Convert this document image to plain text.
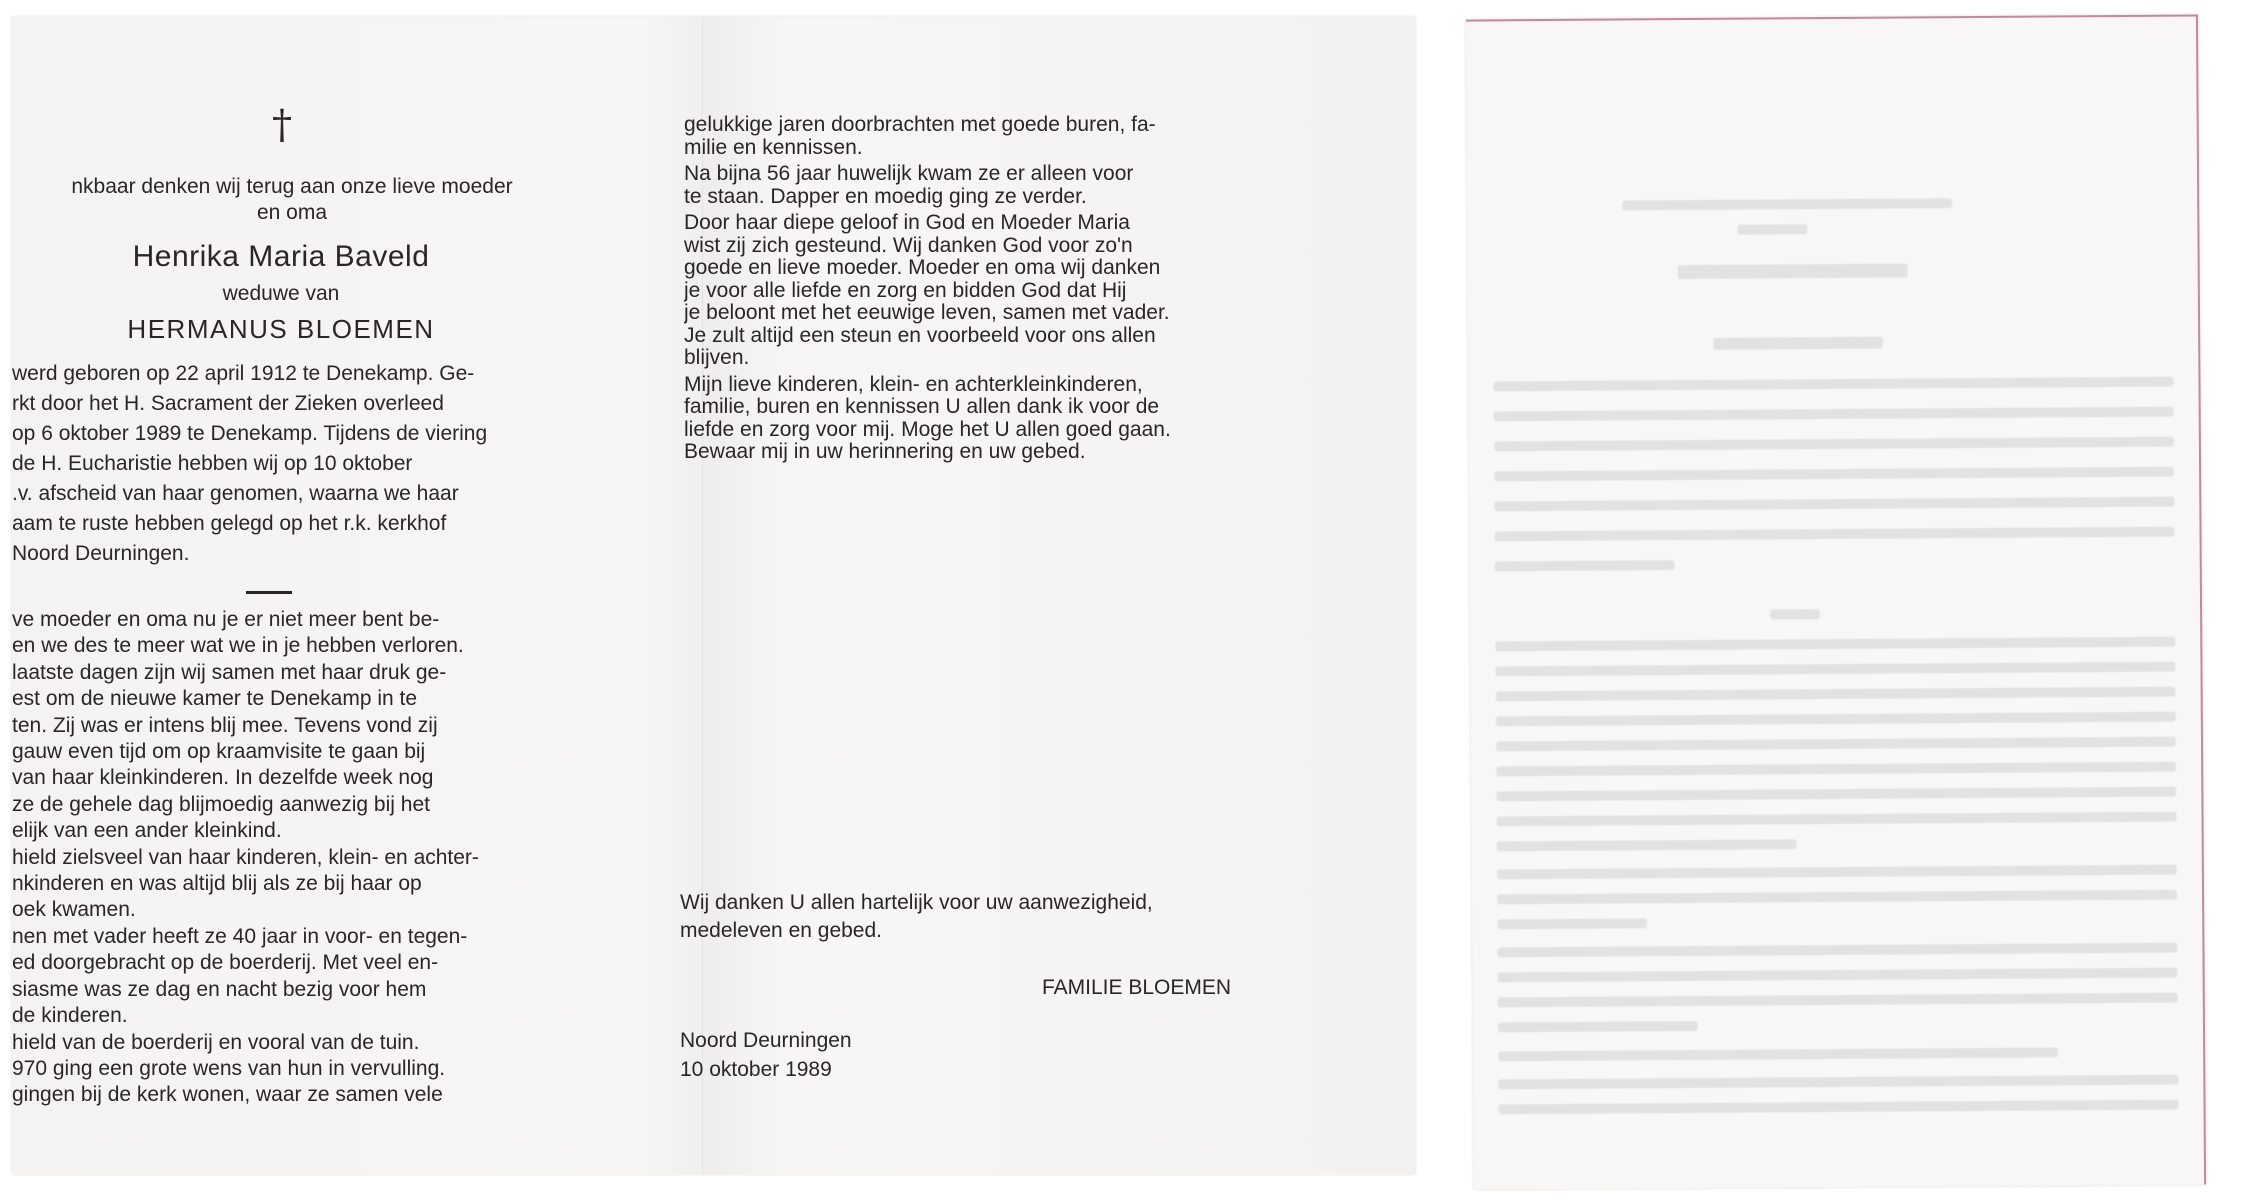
†
nkbaar denken wij terug aan onze lieve moeder
en oma
Henrika Maria Baveld
weduwe van
HERMANUS BLOEMEN
werd geboren op 22 april 1912 te Denekamp. Ge-
rkt door het H. Sacrament der Zieken overleed
op 6 oktober 1989 te Denekamp. Tijdens de viering
de H. Eucharistie hebben wij op 10 oktober
.v. afscheid van haar genomen, waarna we haar
aam te ruste hebben gelegd op het r.k. kerkhof
Noord Deurningen.
ve moeder en oma nu je er niet meer bent be-
en we des te meer wat we in je hebben verloren.
laatste dagen zijn wij samen met haar druk ge-
est om de nieuwe kamer te Denekamp in te
ten. Zij was er intens blij mee. Tevens vond zij
gauw even tijd om op kraamvisite te gaan bij
van haar kleinkinderen. In dezelfde week nog
ze de gehele dag blijmoedig aanwezig bij het
elijk van een ander kleinkind.
hield zielsveel van haar kinderen, klein- en achter-
nkinderen en was altijd blij als ze bij haar op
oek kwamen.
nen met vader heeft ze 40 jaar in voor- en tegen-
ed doorgebracht op de boerderij. Met veel en-
siasme was ze dag en nacht bezig voor hem
de kinderen.
hield van de boerderij en vooral van de tuin.
970 ging een grote wens van hun in vervulling.
gingen bij de kerk wonen, waar ze samen vele
gelukkige jaren doorbrachten met goede buren, fa-
milie en kennissen.
Na bijna 56 jaar huwelijk kwam ze er alleen voor
te staan. Dapper en moedig ging ze verder.
Door haar diepe geloof in God en Moeder Maria
wist zij zich gesteund. Wij danken God voor zo'n
goede en lieve moeder. Moeder en oma wij danken
je voor alle liefde en zorg en bidden God dat Hij
je beloont met het eeuwige leven, samen met vader.
Je zult altijd een steun en voorbeeld voor ons allen
blijven.
Mijn lieve kinderen, klein- en achterkleinkinderen,
familie, buren en kennissen U allen dank ik voor de
liefde en zorg voor mij. Moge het U allen goed gaan.
Bewaar mij in uw herinnering en uw gebed.
Wij danken U allen hartelijk voor uw aanwezigheid,
medeleven en gebed.
FAMILIE BLOEMEN
Noord Deurningen
10 oktober 1989
